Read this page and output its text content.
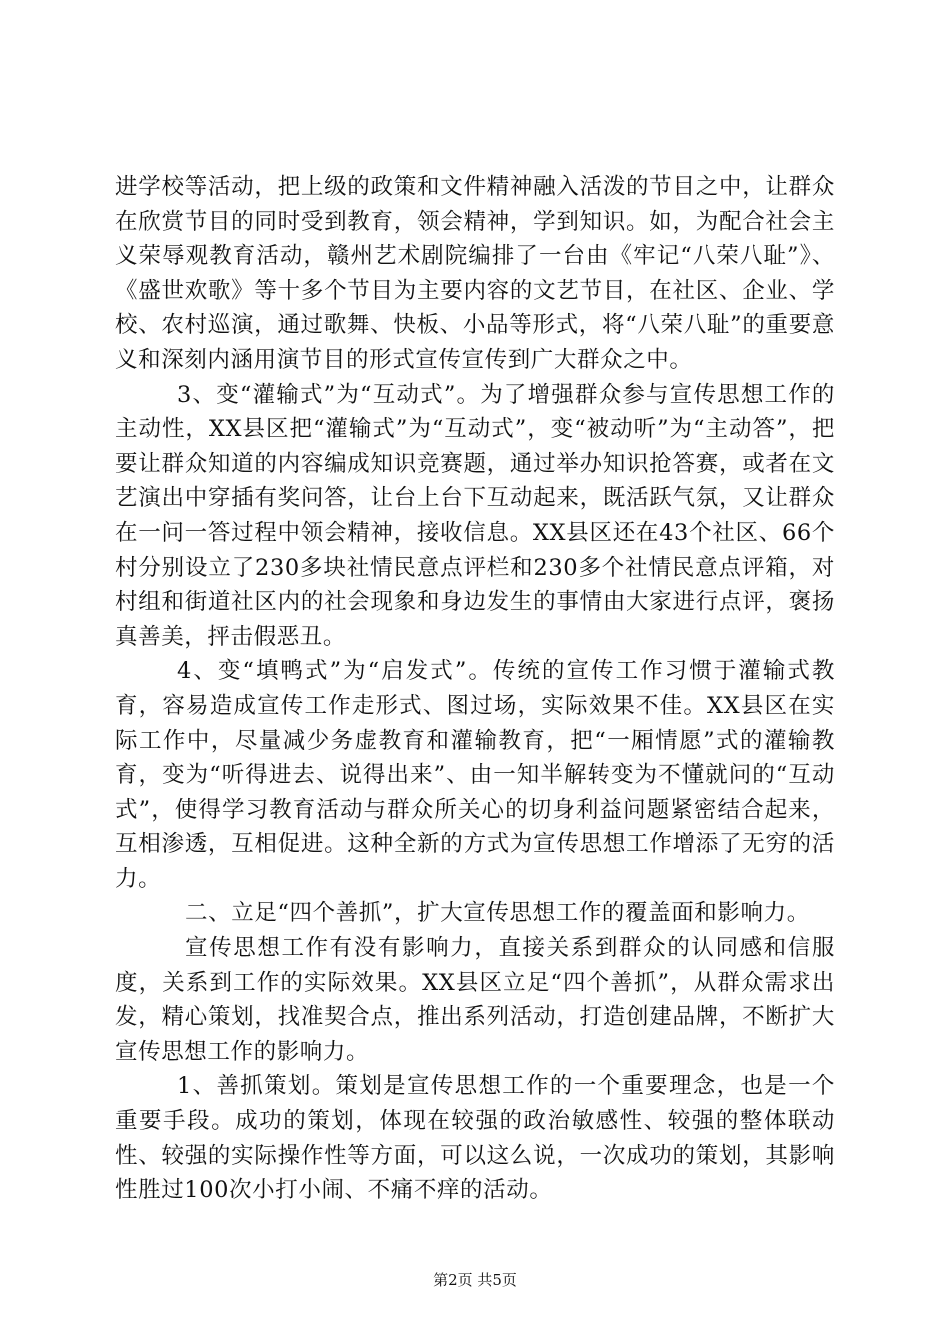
进学校等活动，把上级的政策和文件精神融入活泼的节目之中，让群众在欣赏节目的同时受到教育，领会精神，学到知识。如，为配合社会主义荣辱观教育活动，赣州艺术剧院编排了一台由《牢记“八荣八耻”》、《盛世欢歌》等十多个节目为主要内容的文艺节目，在社区、企业、学校、农村巡演，通过歌舞、快板、小品等形式，将“八荣八耻”的重要意义和深刻内涵用演节目的形式宣传宣传到广大群众之中。

3、变“灌输式”为“互动式”。为了增强群众参与宣传思想工作的主动性，XX县区把“灌输式”为“互动式”，变“被动听”为“主动答”，把要让群众知道的内容编成知识竞赛题，通过举办知识抢答赛，或者在文艺演出中穿插有奖问答，让台上台下互动起来，既活跃气氛，又让群众在一问一答过程中领会精神，接收信息。XX县区还在43个社区、66个村分别设立了230多块社情民意点评栏和230多个社情民意点评箱，对村组和街道社区内的社会现象和身边发生的事情由大家进行点评，褒扬真善美，抨击假恶丑。

4、变“填鸭式”为“启发式”。传统的宣传工作习惯于灌输式教育，容易造成宣传工作走形式、图过场，实际效果不佳。XX县区在实际工作中，尽量减少务虚教育和灌输教育，把“一厢情愿”式的灌输教育，变为“听得进去、说得出来”、由一知半解转变为不懂就问的“互动式”，使得学习教育活动与群众所关心的切身利益问题紧密结合起来，互相渗透，互相促进。这种全新的方式为宣传思想工作增添了无穷的活力。

二、立足“四个善抓”，扩大宣传思想工作的覆盖面和影响力。

宣传思想工作有没有影响力，直接关系到群众的认同感和信服度，关系到工作的实际效果。XX县区立足“四个善抓”，从群众需求出发，精心策划，找准契合点，推出系列活动，打造创建品牌，不断扩大宣传思想工作的影响力。

1、善抓策划。策划是宣传思想工作的一个重要理念，也是一个重要手段。成功的策划，体现在较强的政治敏感性、较强的整体联动性、较强的实际操作性等方面，可以这么说，一次成功的策划，其影响性胜过100次小打小闹、不痛不痒的活动。

第2页 共5页
